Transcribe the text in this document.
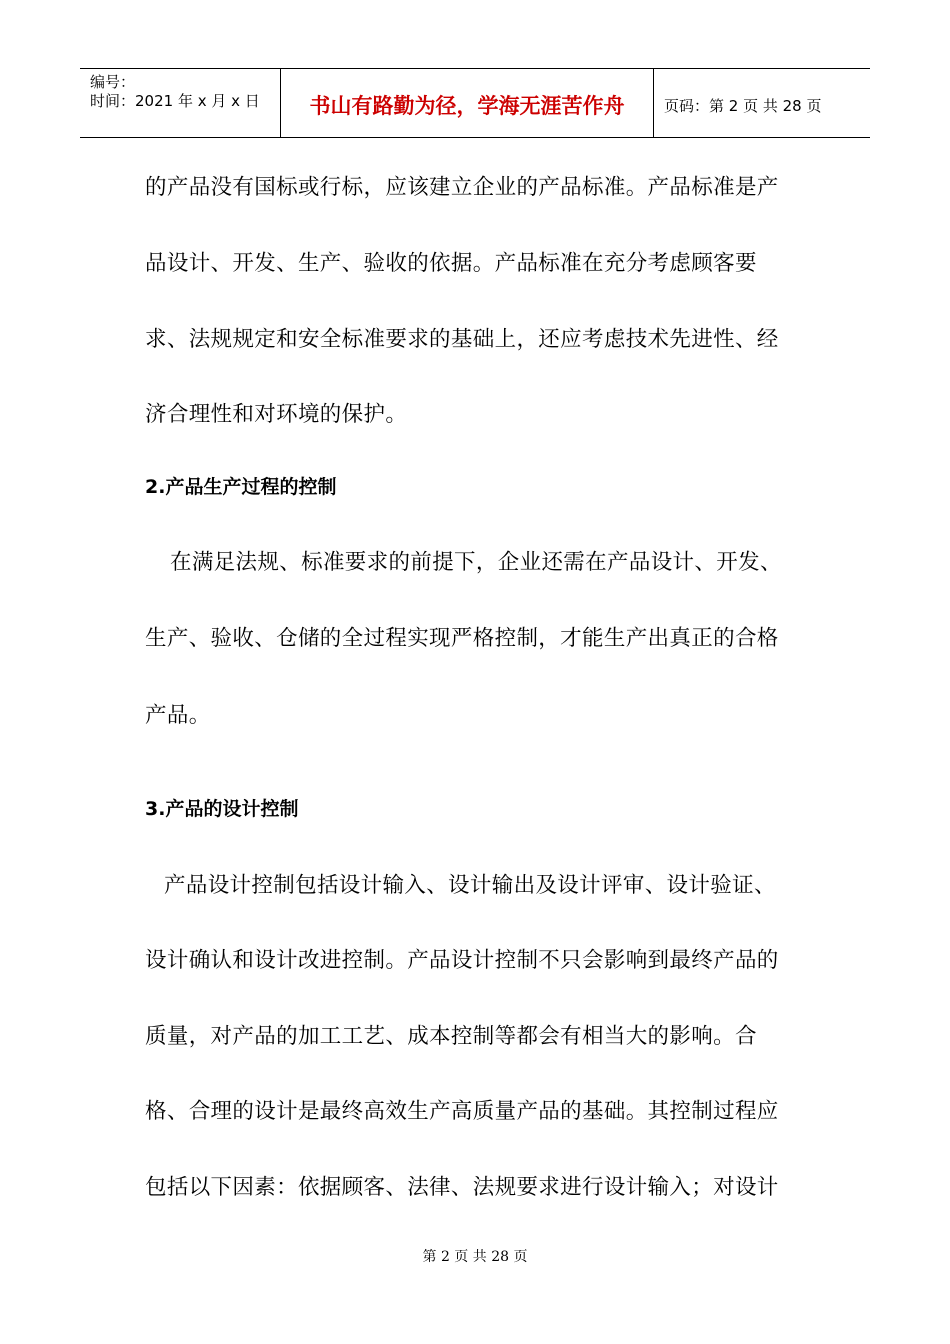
编号：
时间：2021 年 x 月 x 日	书山有路勤为径，学海无涯苦作舟	页码：第 2 页 共 28 页
的产品没有国标或行标，应该建立企业的产品标准。产品标准是产
品设计、开发、生产、验收的依据。产品标准在充分考虑顾客要
求、法规规定和安全标准要求的基础上，还应考虑技术先进性、经
济合理性和对环境的保护。
2.产品生产过程的控制
在满足法规、标准要求的前提下，企业还需在产品设计、开发、
生产、验收、仓储的全过程实现严格控制，才能生产出真正的合格
产品。
3.产品的设计控制
产品设计控制包括设计输入、设计输出及设计评审、设计验证、
设计确认和设计改进控制。产品设计控制不只会影响到最终产品的
质量，对产品的加工工艺、成本控制等都会有相当大的影响。合
格、合理的设计是最终高效生产高质量产品的基础。其控制过程应
包括以下因素：依据顾客、法律、法规要求进行设计输入；对设计
第 2 页 共 28 页
